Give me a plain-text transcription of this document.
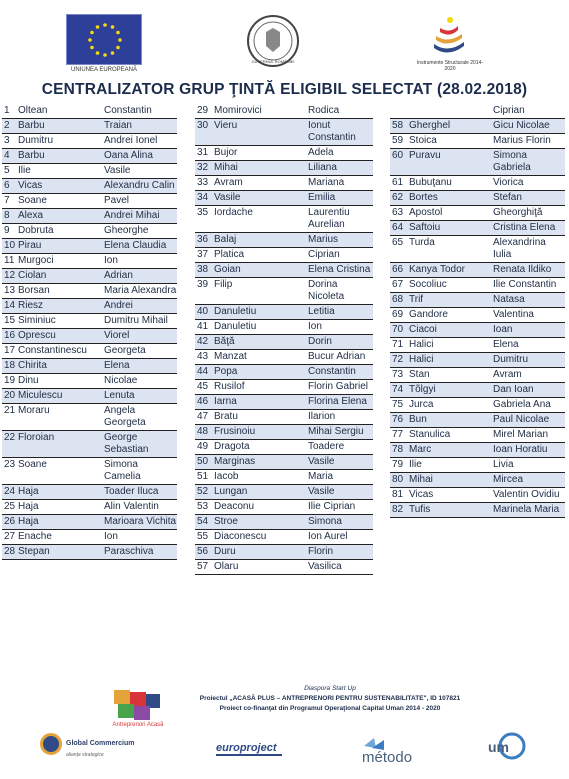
UNIUNEA EUROPEANĂ
GUVERNUL ROMÂNIEI	Instrumente Structurale 2014-2020
CENTRALIZATOR GRUP ŢINTĂ ELIGIBIL SELECTAT (28.02.2018)
1 Oltean	Constantin
2 Barbu	Traian
3 Dumitru	Andrei Ionel
4 Barbu	Oana Alina
5 Ilie	Vasile
6 Vicas	Alexandru Calin
7 Soane	Pavel
8 Alexa	Andrei Mihai
9 Dobruta	Gheorghe
10 Pirau	Elena Claudia
11 Murgoci	Ion
12 Ciolan	Adrian
13 Borsan	Maria Alexandra
14 Riesz	Andrei
15 Siminiuc	Dumitru Mihail
16 Oprescu	Viorel
17 Constantinescu	Georgeta
18 Chirita	Elena
19 Dinu	Nicolae
20 Miculescu	Lenuta
21 Moraru	Angela Georgeta
22 Floroian	George Sebastian
23 Soane	Simona Camelia
24 Haja	Toader Iluca
25 Haja	Alin Valentin
26 Haja	Marioara Vichita
27 Enache	Ion
28 Stepan	Paraschiva
29 Momirovici	Rodica
30 Vieru	Ionut Constantin
31 Bujor	Adela
32 Mihai	Liliana
33 Avram	Mariana
34 Vasile	Emilia
35 Iordache	Laurentiu Aurelian
36 Balaj	Marius
37 Platica	Ciprian
38 Goian	Elena Cristina
39 Filip	Dorina Nicoleta
40 Danuletiu	Letitia
41 Danuletiu	Ion
42 Băţă	Dorin
43 Manzat	Bucur Adrian
44 Popa	Constantin
45 Rusilof	Florin Gabriel
46 Iarna	Florina Elena
47 Bratu	Ilarion
48 Frusinoiu	Mihai Sergiu
49 Dragota	Toadere
50 Marginas	Vasile
51 Iacob	Maria
52 Lungan	Vasile
53 Deaconu	Ilie Ciprian
54 Stroe	Simona
55 Diaconescu	Ion Aurel
56 Duru	Florin
57 Olaru	Vasilica
Ciprian
58 Gherghel	Gicu Nicolae
59 Stoica	Marius Florin
60 Puravu	Simona Gabriela
61 Bubuţanu	Viorica
62 Bortes	Stefan
63 Apostol	Gheorghiţă
64 Saftoiu	Cristina Elena
65 Turda	Alexandrina Iulia
66 Kanya Todor	Renata Ildiko
67 Socoliuc	Ilie Constantin
68 Trif	Natasa
69 Gandore	Valentina
70 Ciacoi	Ioan
71 Halici	Elena
72 Halici	Dumitru
73 Stan	Avram
74 Tõlgyi	Dan Ioan
75 Jurca	Gabriela Ana
76 Bun	Paul Nicolae
77 Stanulica	Mirel Marian
78 Marc	Ioan Horatiu
79 Ilie	Livia
80 Mihai	Mircea
81 Vicas	Valentin Ovidiu
82 Tufis	Marinela Maria
Antreprenori Acasă
Diaspora Start Up
Proiectul „ACASĂ PLUS – ANTREPRENORI PENTRU SUSTENABILITATE", ID 107821
Proiect co-finanţat din Programul Operaţional Capital Uman 2014 - 2020
Global Commercium
alianţe strategice
europroject
método
um
